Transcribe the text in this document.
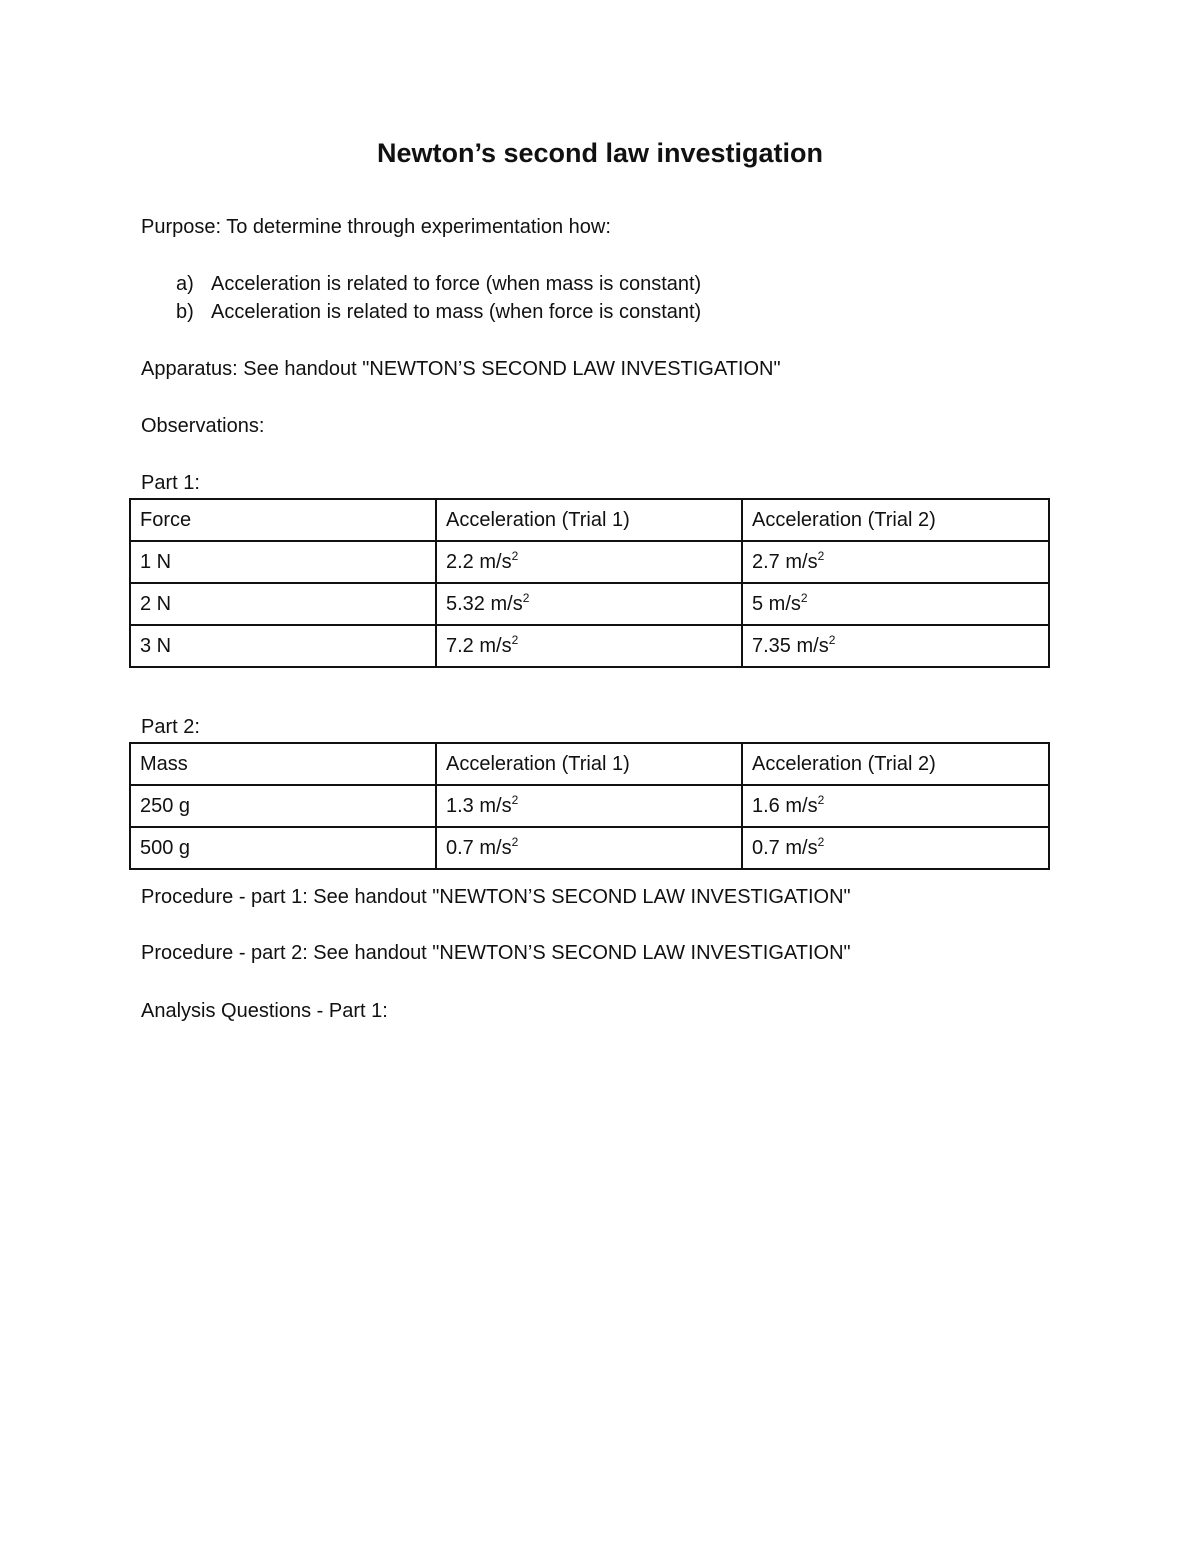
Newton’s second law investigation

Purpose: To determine through experimentation how:

a) Acceleration is related to force (when mass is constant)
b) Acceleration is related to mass (when force is constant)

Apparatus: See handout "NEWTON’S SECOND LAW INVESTIGATION"

Observations:

Part 1:

Force	Acceleration (Trial 1)	Acceleration (Trial 2)
1 N	2.2 $m/s^2$	2.7 $m/s^2$
2 N	5.32 $m/s^2$	5 $m/s^2$
3 N	7.2 $m/s^2$	7.35 $m/s^2$

Part 2:

Mass	Acceleration (Trial 1)	Acceleration (Trial 2)
250 g	1.3 $m/s^2$	1.6 $m/s^2$
500 g	0.7 $m/s^2$	0.7 $m/s^2$

Procedure - part 1: See handout "NEWTON’S SECOND LAW INVESTIGATION"

Procedure - part 2: See handout "NEWTON’S SECOND LAW INVESTIGATION"

Analysis Questions - Part 1:
